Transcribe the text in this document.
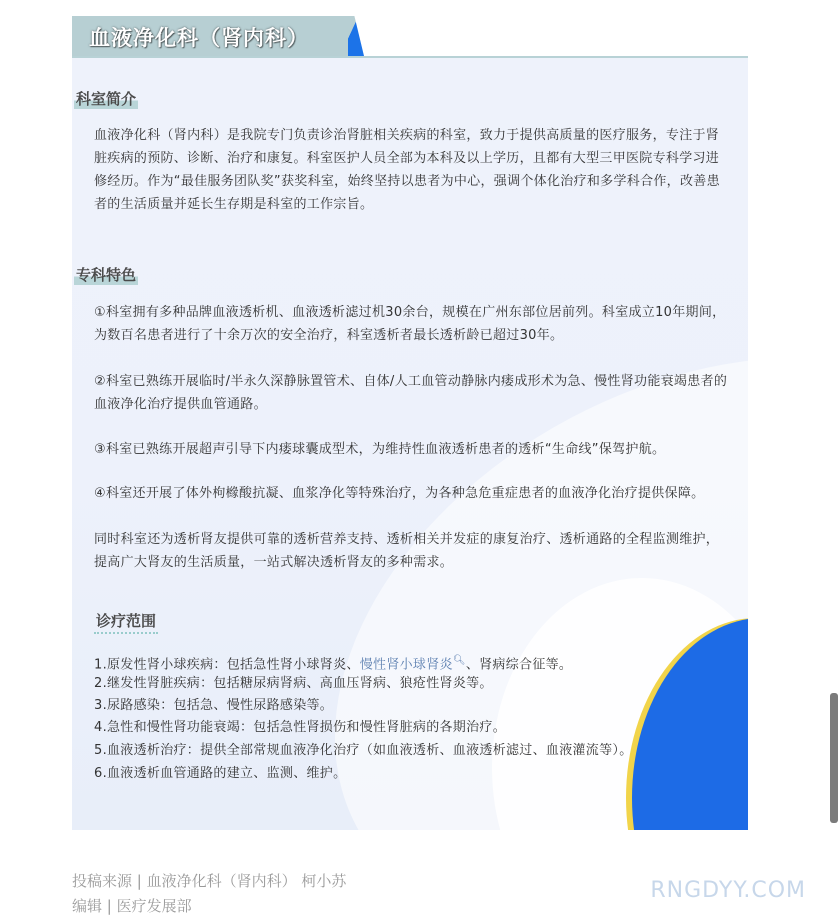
血液净化科（肾内科）
科室简介
血液净化科（肾内科）是我院专门负责诊治肾脏相关疾病的科室，致力于提供高质量的医疗服务，专注于肾脏疾病的预防、诊断、治疗和康复。科室医护人员全部为本科及以上学历，且都有大型三甲医院专科学习进修经历。作为“最佳服务团队奖”获奖科室，始终坚持以患者为中心，强调个体化治疗和多学科合作，改善患者的生活质量并延长生存期是科室的工作宗旨。
专科特色
①科室拥有多种品牌血液透析机、血液透析滤过机30余台，规模在广州东部位居前列。科室成立10年期间，为数百名患者进行了十余万次的安全治疗，科室透析者最长透析龄已超过30年。
②科室已熟练开展临时/半永久深静脉置管术、自体/人工血管动静脉内瘘成形术为急、慢性肾功能衰竭患者的血液净化治疗提供血管通路。
③科室已熟练开展超声引导下内瘘球囊成型术，为维持性血液透析患者的透析“生命线”保驾护航。
④科室还开展了体外枸橼酸抗凝、血浆净化等特殊治疗，为各种急危重症患者的血液净化治疗提供保障。
同时科室还为透析肾友提供可靠的透析营养支持、透析相关并发症的康复治疗、透析通路的全程监测维护，提高广大肾友的生活质量，一站式解决透析肾友的多种需求。
诊疗范围
1.原发性肾小球疾病：包括急性肾小球肾炎、慢性肾小球肾炎🔍︎、肾病综合征等。
2.继发性肾脏疾病：包括糖尿病肾病、高血压肾病、狼疮性肾炎等。
3.尿路感染：包括急、慢性尿路感染等。
4.急性和慢性肾功能衰竭：包括急性肾损伤和慢性肾脏病的各期治疗。
5.血液透析治疗：提供全部常规血液净化治疗（如血液透析、血液透析滤过、血液灌流等）。
6.血液透析血管通路的建立、监测、维护。
投稿来源 | 血液净化科（肾内科） 柯小苏
编辑 | 医疗发展部
RNGDYY.COM
